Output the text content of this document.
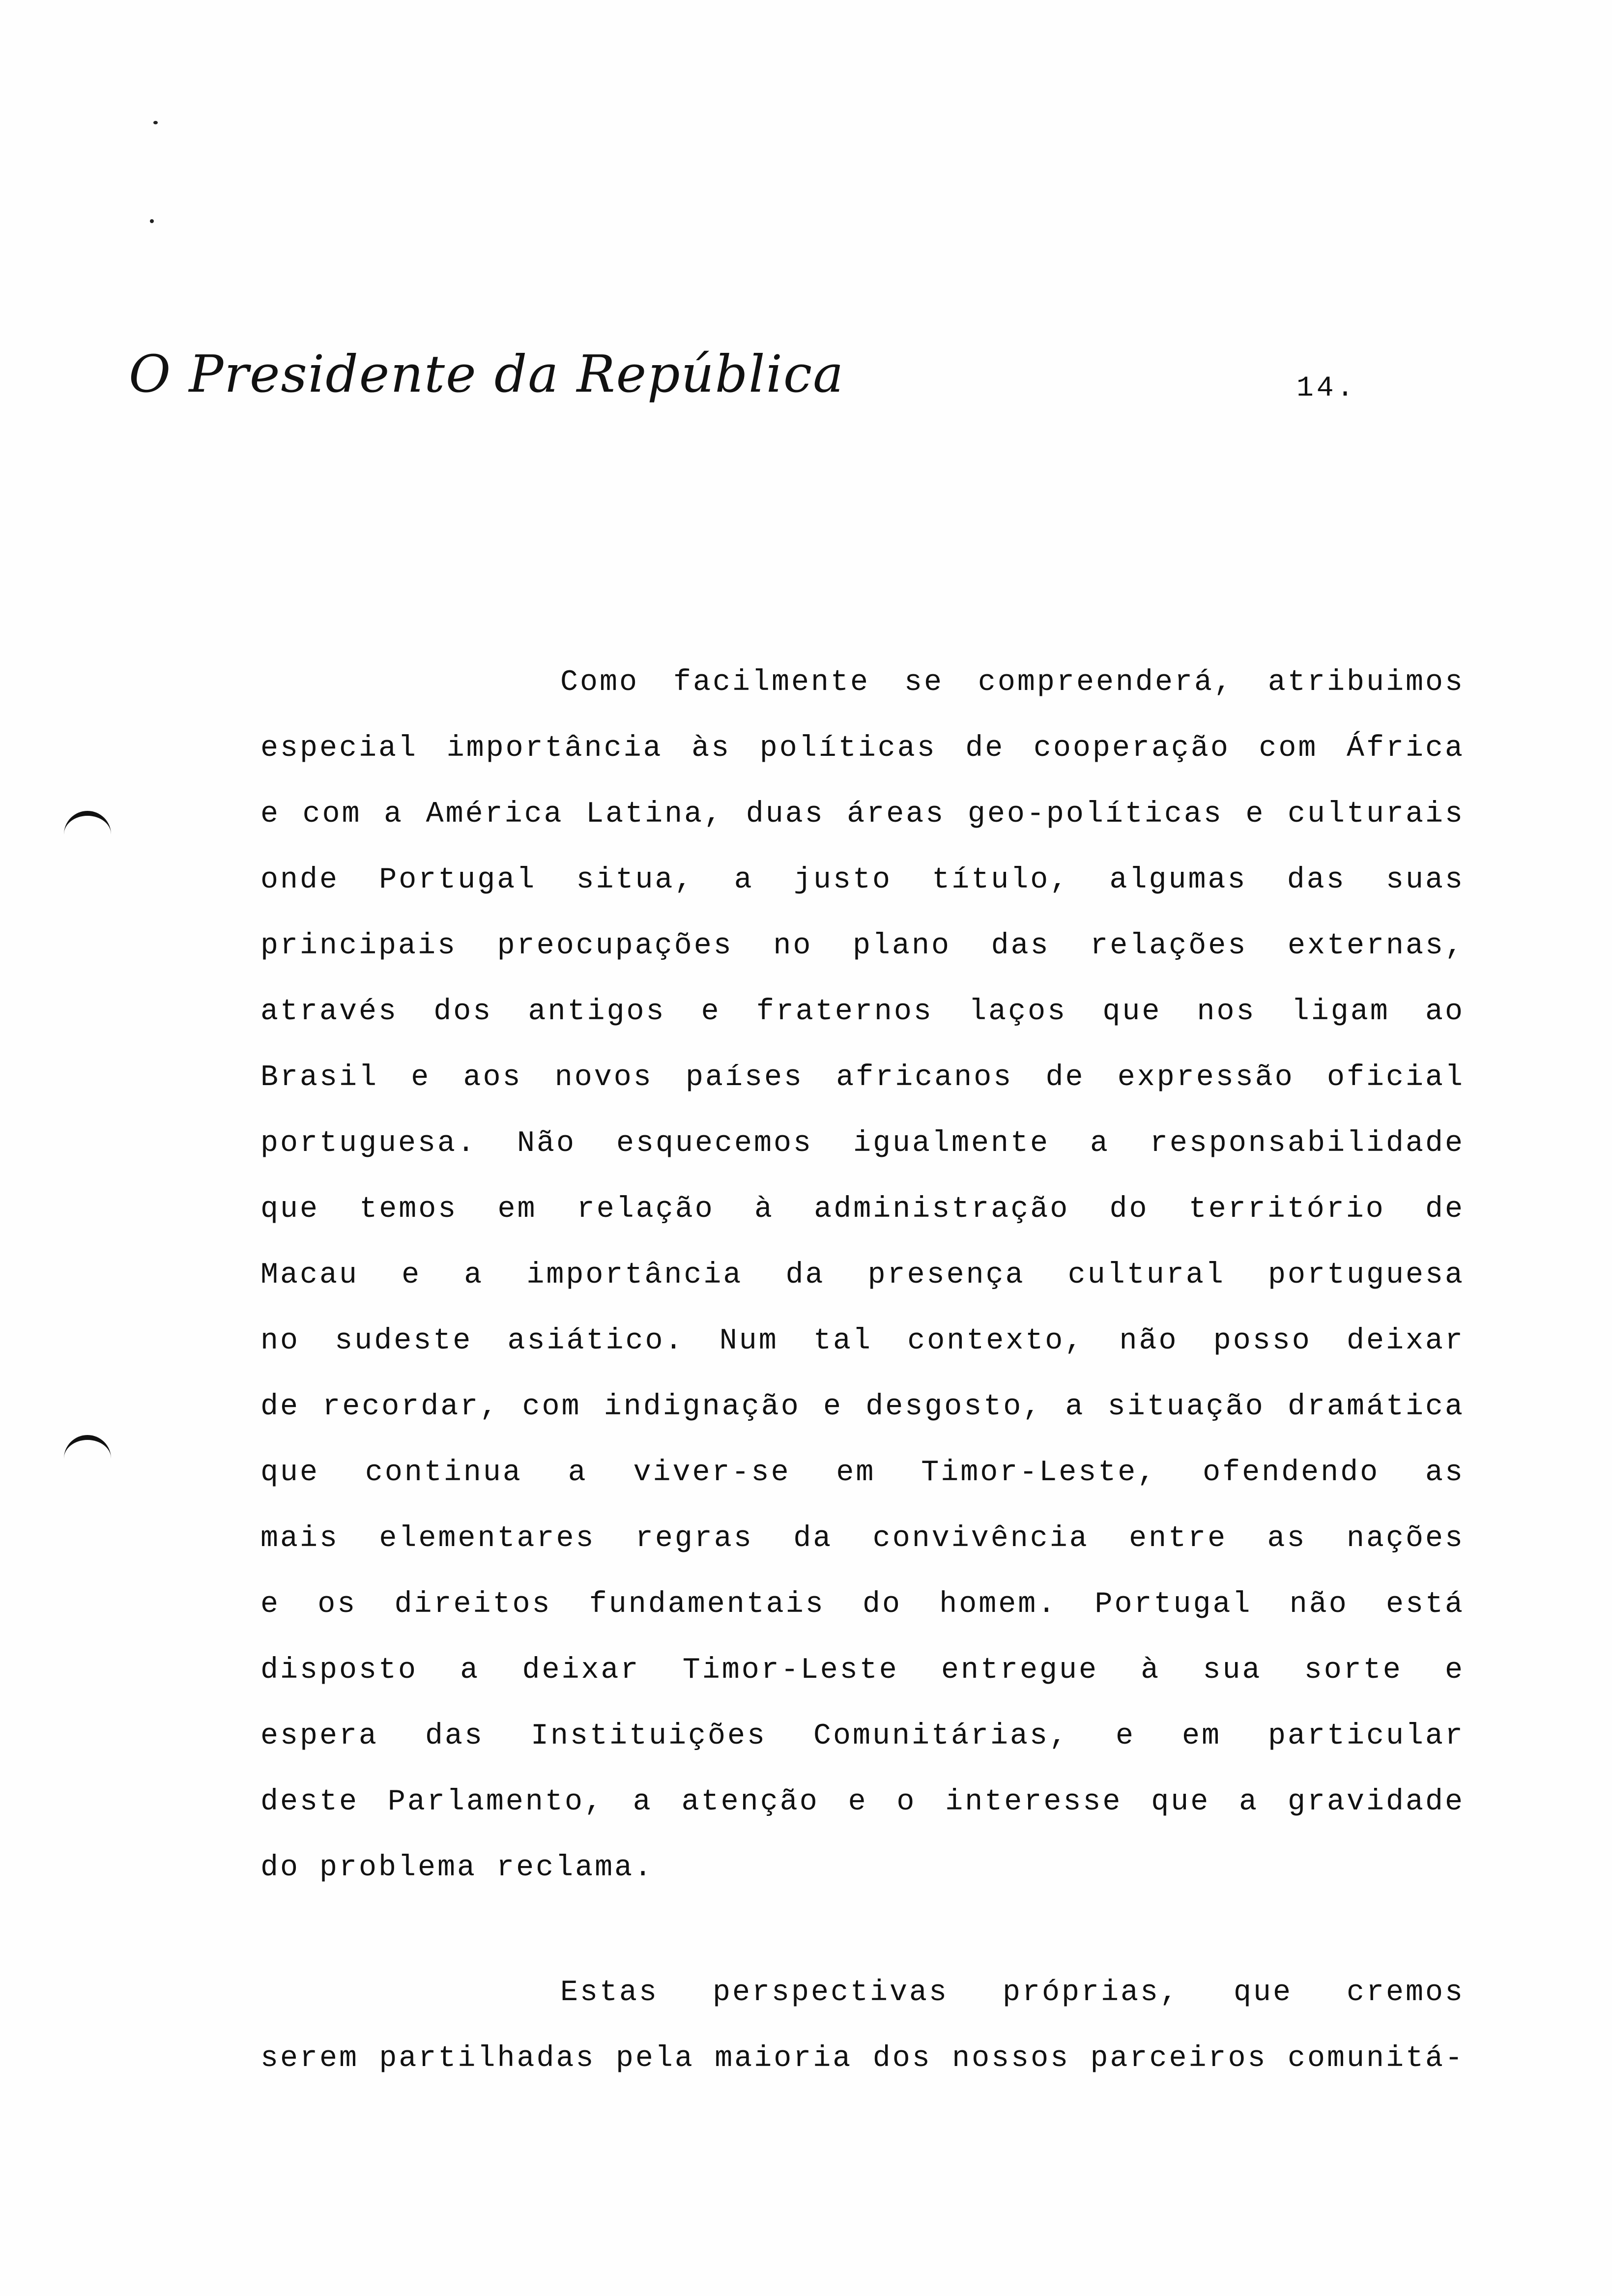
O Presidente da República	14.
Como facilmente se compreenderá, atribuimos
especial importância às políticas de cooperação com África
e com a América Latina, duas áreas geo-políticas e culturais
onde Portugal situa, a justo título, algumas das suas
principais preocupações no plano das relações externas,
através dos antigos e fraternos laços que nos ligam ao
Brasil e aos novos países africanos de expressão oficial
portuguesa. Não esquecemos igualmente a responsabilidade
que temos em relação à administração do território de
Macau e a importância da presença cultural portuguesa
no sudeste asiático. Num tal contexto, não posso deixar
de recordar, com indignação e desgosto, a situação dramática
que continua a viver-se em Timor-Leste, ofendendo as
mais elementares regras da convivência entre as nações
e os direitos fundamentais do homem. Portugal não está
disposto a deixar Timor-Leste entregue à sua sorte e
espera das Instituições Comunitárias, e em particular
deste Parlamento, a atenção e o interesse que a gravidade
do problema reclama.
Estas perspectivas próprias, que cremos
serem partilhadas pela maioria dos nossos parceiros comunitá-
